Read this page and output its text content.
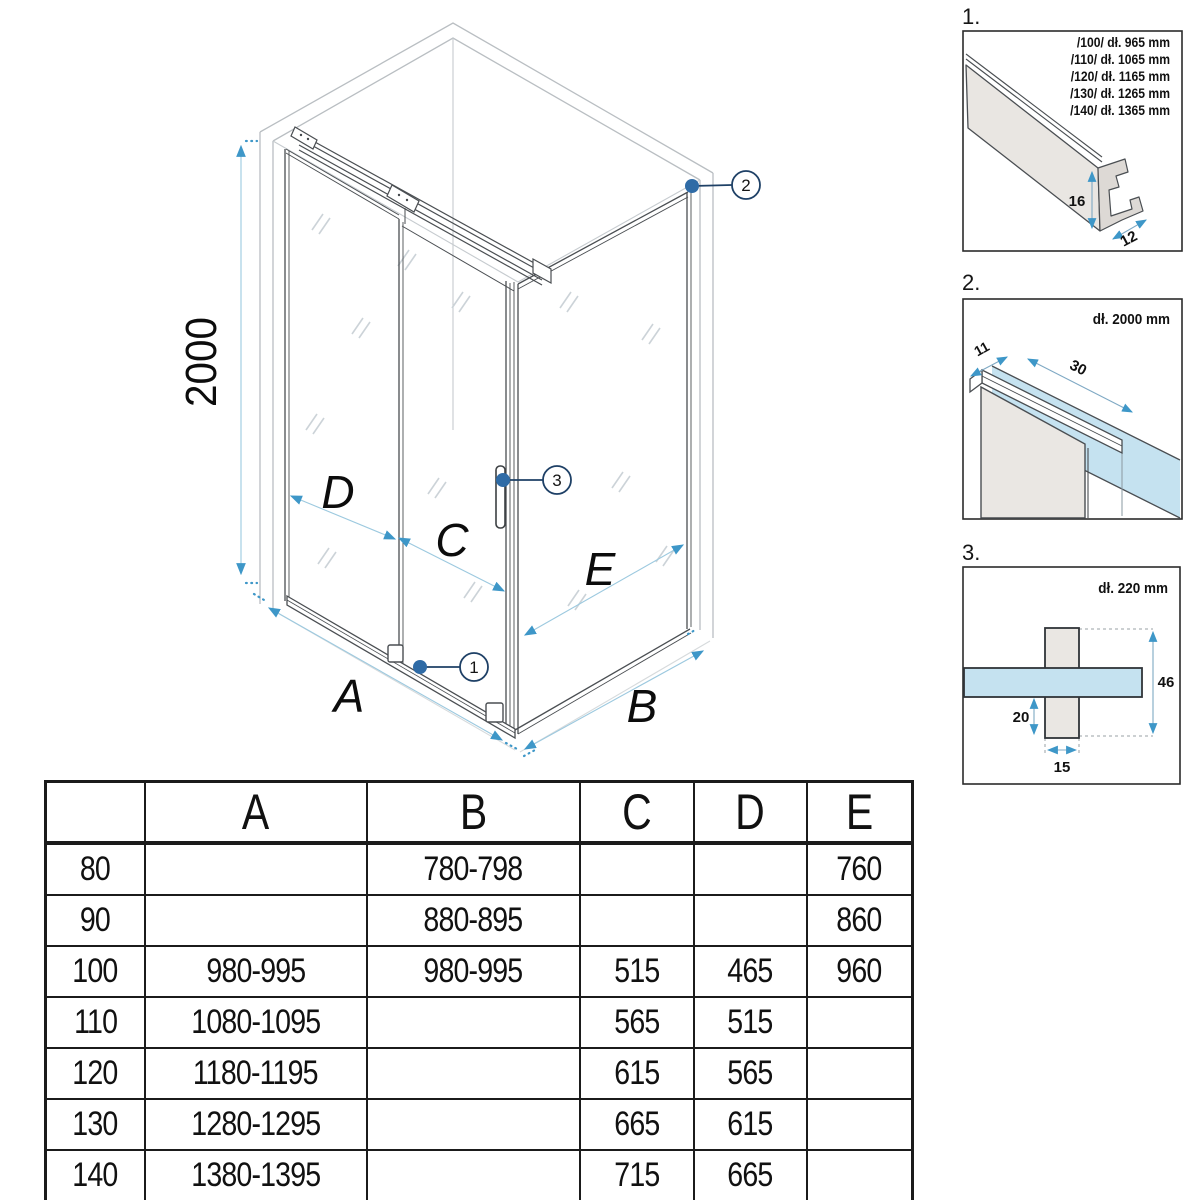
2000
A	B
C
D
E
1
2
3
1.
/100/ dł. 965 mm
/110/ dł. 1065 mm
/120/ dł. 1165 mm
/130/ dł. 1265 mm
/140/ dł. 1365 mm
16
12
2.
dł. 2000 mm
11
30
3.
dł. 220 mm
46
20
15
	A	B	C	D	E
80		780-798			760
90		880-895			860
100	980-995	980-995	515	465	960
110	1080-1095		565	515	
120	1180-1195		615	565	
130	1280-1295		665	615	
140	1380-1395		715	665	
